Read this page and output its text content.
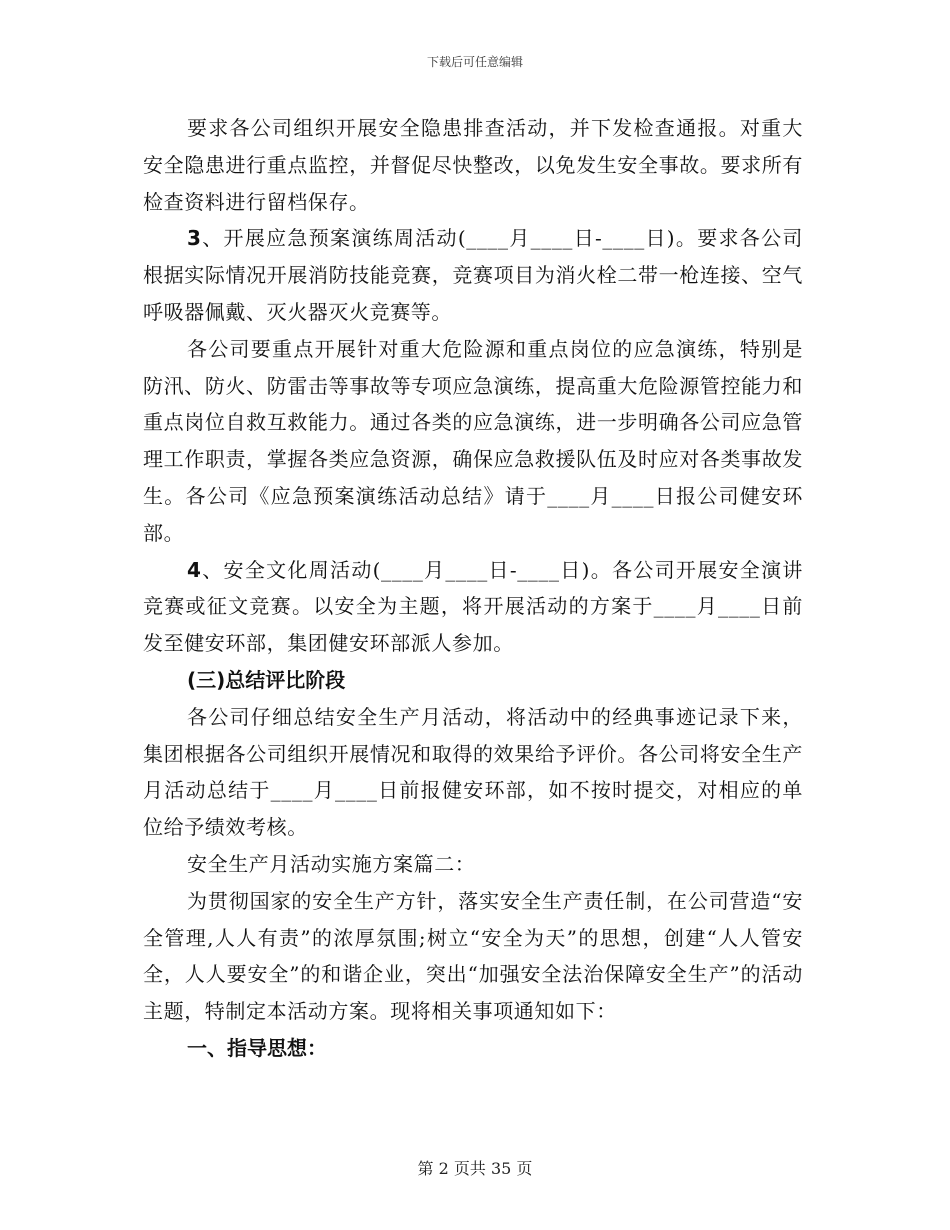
下载后可任意编辑

要求各公司组织开展安全隐患排查活动，并下发检查通报。对重大安全隐患进行重点监控，并督促尽快整改，以免发生安全事故。要求所有检查资料进行留档保存。

3、开展应急预案演练周活动(____月____日-____日)。要求各公司根据实际情况开展消防技能竞赛，竞赛项目为消火栓二带一枪连接、空气呼吸器佩戴、灭火器灭火竞赛等。

各公司要重点开展针对重大危险源和重点岗位的应急演练，特别是防汛、防火、防雷击等事故等专项应急演练，提高重大危险源管控能力和重点岗位自救互救能力。通过各类的应急演练，进一步明确各公司应急管理工作职责，掌握各类应急资源，确保应急救援队伍及时应对各类事故发生。各公司《应急预案演练活动总结》请于____月____日报公司健安环部。

4、安全文化周活动(____月____日-____日)。各公司开展安全演讲竞赛或征文竞赛。以安全为主题，将开展活动的方案于____月____日前发至健安环部，集团健安环部派人参加。

(三)总结评比阶段

各公司仔细总结安全生产月活动，将活动中的经典事迹记录下来，集团根据各公司组织开展情况和取得的效果给予评价。各公司将安全生产月活动总结于____月____日前报健安环部，如不按时提交，对相应的单位给予绩效考核。

安全生产月活动实施方案篇二：

为贯彻国家的安全生产方针，落实安全生产责任制，在公司营造“安全管理,人人有责”的浓厚氛围;树立“安全为天”的思想，创建“人人管安全，人人要安全”的和谐企业，突出“加强安全法治保障安全生产”的活动主题，特制定本活动方案。现将相关事项通知如下：

一、指导思想：

第 2 页共 35 页
